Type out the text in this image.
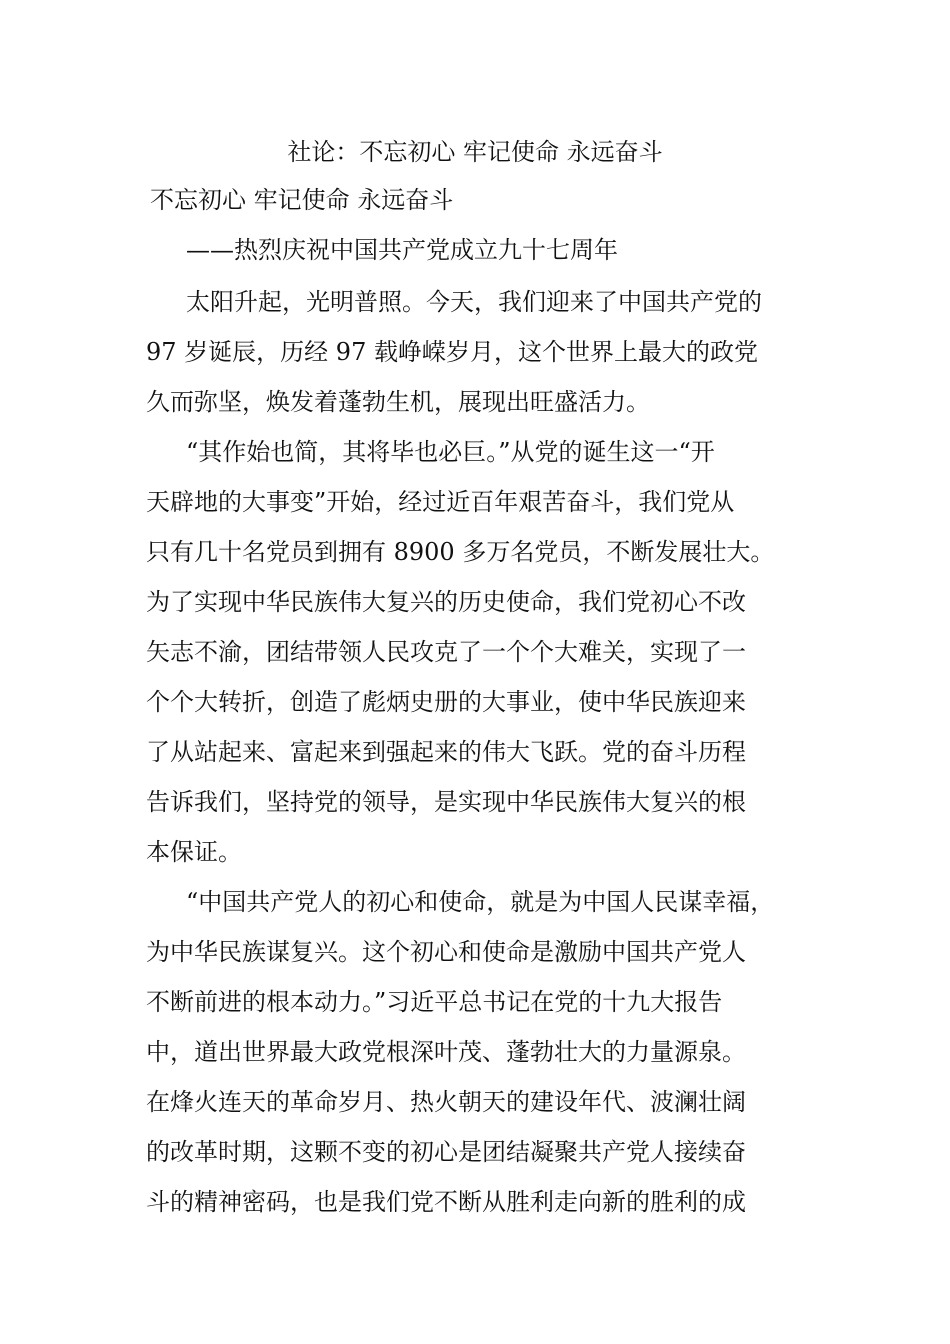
社论：不忘初心 牢记使命 永远奋斗
不忘初心 牢记使命 永远奋斗
——热烈庆祝中国共产党成立九十七周年
太阳升起，光明普照。今天，我们迎来了中国共产党的
97 岁诞辰，历经 97 载峥嵘岁月，这个世界上最大的政党
久而弥坚，焕发着蓬勃生机，展现出旺盛活力。
“其作始也简，其将毕也必巨。”从党的诞生这一“开
天辟地的大事变”开始，经过近百年艰苦奋斗，我们党从
只有几十名党员到拥有 8900 多万名党员，不断发展壮大。
为了实现中华民族伟大复兴的历史使命，我们党初心不改
矢志不渝，团结带领人民攻克了一个个大难关，实现了一
个个大转折，创造了彪炳史册的大事业，使中华民族迎来
了从站起来、富起来到强起来的伟大飞跃。党的奋斗历程
告诉我们，坚持党的领导，是实现中华民族伟大复兴的根
本保证。
“中国共产党人的初心和使命，就是为中国人民谋幸福，
为中华民族谋复兴。这个初心和使命是激励中国共产党人
不断前进的根本动力。”习近平总书记在党的十九大报告
中，道出世界最大政党根深叶茂、蓬勃壮大的力量源泉。
在烽火连天的革命岁月、热火朝天的建设年代、波澜壮阔
的改革时期，这颗不变的初心是团结凝聚共产党人接续奋
斗的精神密码，也是我们党不断从胜利走向新的胜利的成
